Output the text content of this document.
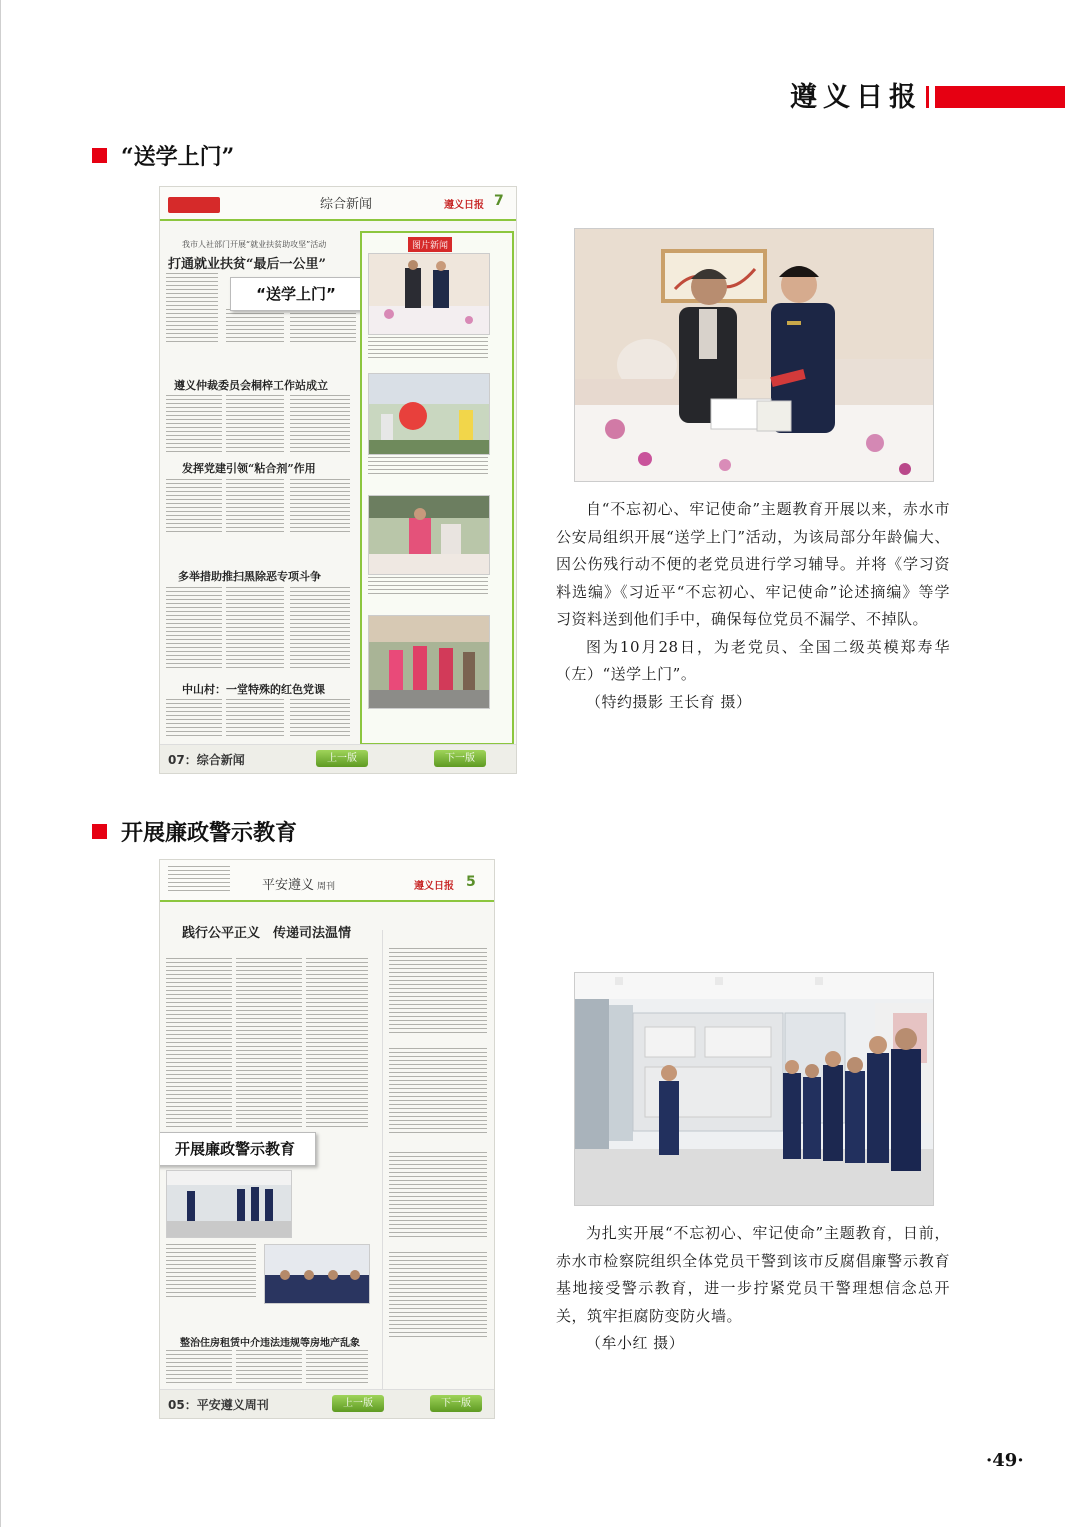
遵义日报
“送学上门”
综合新闻	遵义日报 7
我市人社部门开展“就业扶贫助攻坚”活动
打通就业扶贫“最后一公里”
“送学上门”
遵义仲裁委员会桐梓工作站成立
发挥党建引领“粘合剂”作用
多举措助推扫黑除恶专项斗争
中山村：一堂特殊的红色党课
图片新闻
07：综合新闻	上一版	下一版

自“不忘初心、牢记使命”主题教育开展以来，赤水市公安局组织开展“送学上门”活动，为该局部分年龄偏大、因公伤残行动不便的老党员进行学习辅导。并将《学习资料选编》《习近平“不忘初心、牢记使命”论述摘编》等学习资料送到他们手中，确保每位党员不漏学、不掉队。

图为10月28日，为老党员、全国二级英模郑寿华（左）“送学上门”。

（特约摄影 王长育 摄）

开展廉政警示教育
平安遵义 周刊	遵义日报 5
践行公平正义　传递司法温情
开展廉政警示教育
整治住房租赁中介违法违规等房地产乱象
05：平安遵义周刊	上一版	下一版

为扎实开展“不忘初心、牢记使命”主题教育，日前，赤水市检察院组织全体党员干警到该市反腐倡廉警示教育基地接受警示教育，进一步拧紧党员干警理想信念总开关，筑牢拒腐防变防火墙。

（牟小红 摄）

·49·
